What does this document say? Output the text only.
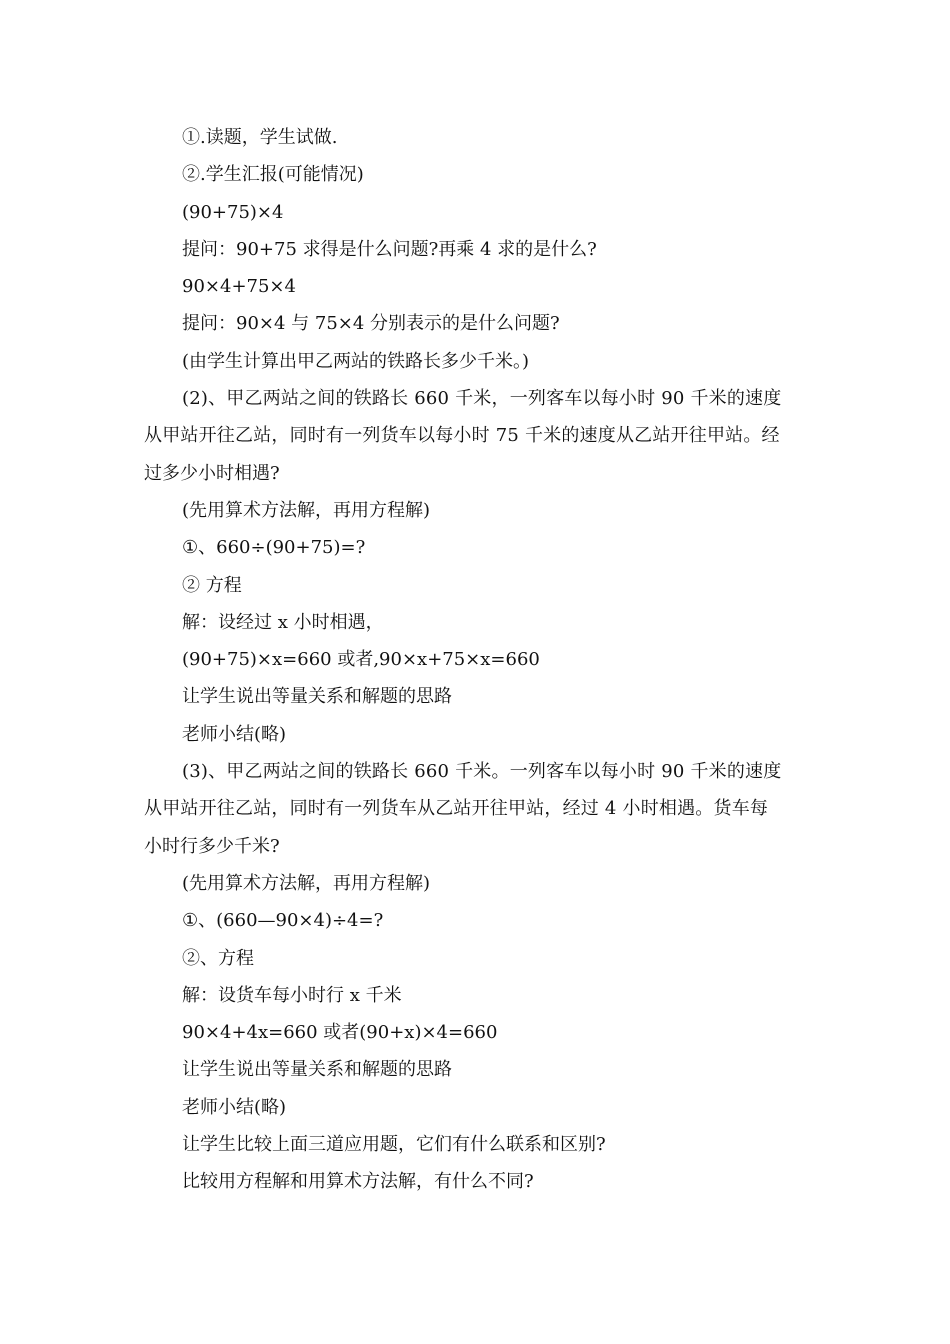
①.读题，学生试做.
②.学生汇报(可能情况)
(90+75)×4
提问：90+75 求得是什么问题?再乘 4 求的是什么?
90×4+75×4
提问：90×4 与 75×4 分别表示的是什么问题?
(由学生计算出甲乙两站的铁路长多少千米。)
(2)、甲乙两站之间的铁路长 660 千米，一列客车以每小时 90 千米的速度
从甲站开往乙站，同时有一列货车以每小时 75 千米的速度从乙站开往甲站。经
过多少小时相遇?
(先用算术方法解，再用方程解)
①、660÷(90+75)=?
② 方程
解：设经过 x 小时相遇，
(90+75)×x=660 或者,90×x+75×x=660
让学生说出等量关系和解题的思路
老师小结(略)
(3)、甲乙两站之间的铁路长 660 千米。一列客车以每小时 90 千米的速度
从甲站开往乙站，同时有一列货车从乙站开往甲站，经过 4 小时相遇。货车每
小时行多少千米?
(先用算术方法解，再用方程解)
①、(660—90×4)÷4=?
②、方程
解：设货车每小时行 x 千米
90×4+4x=660 或者(90+x)×4=660
让学生说出等量关系和解题的思路
老师小结(略)
让学生比较上面三道应用题，它们有什么联系和区别?
比较用方程解和用算术方法解，有什么不同?
